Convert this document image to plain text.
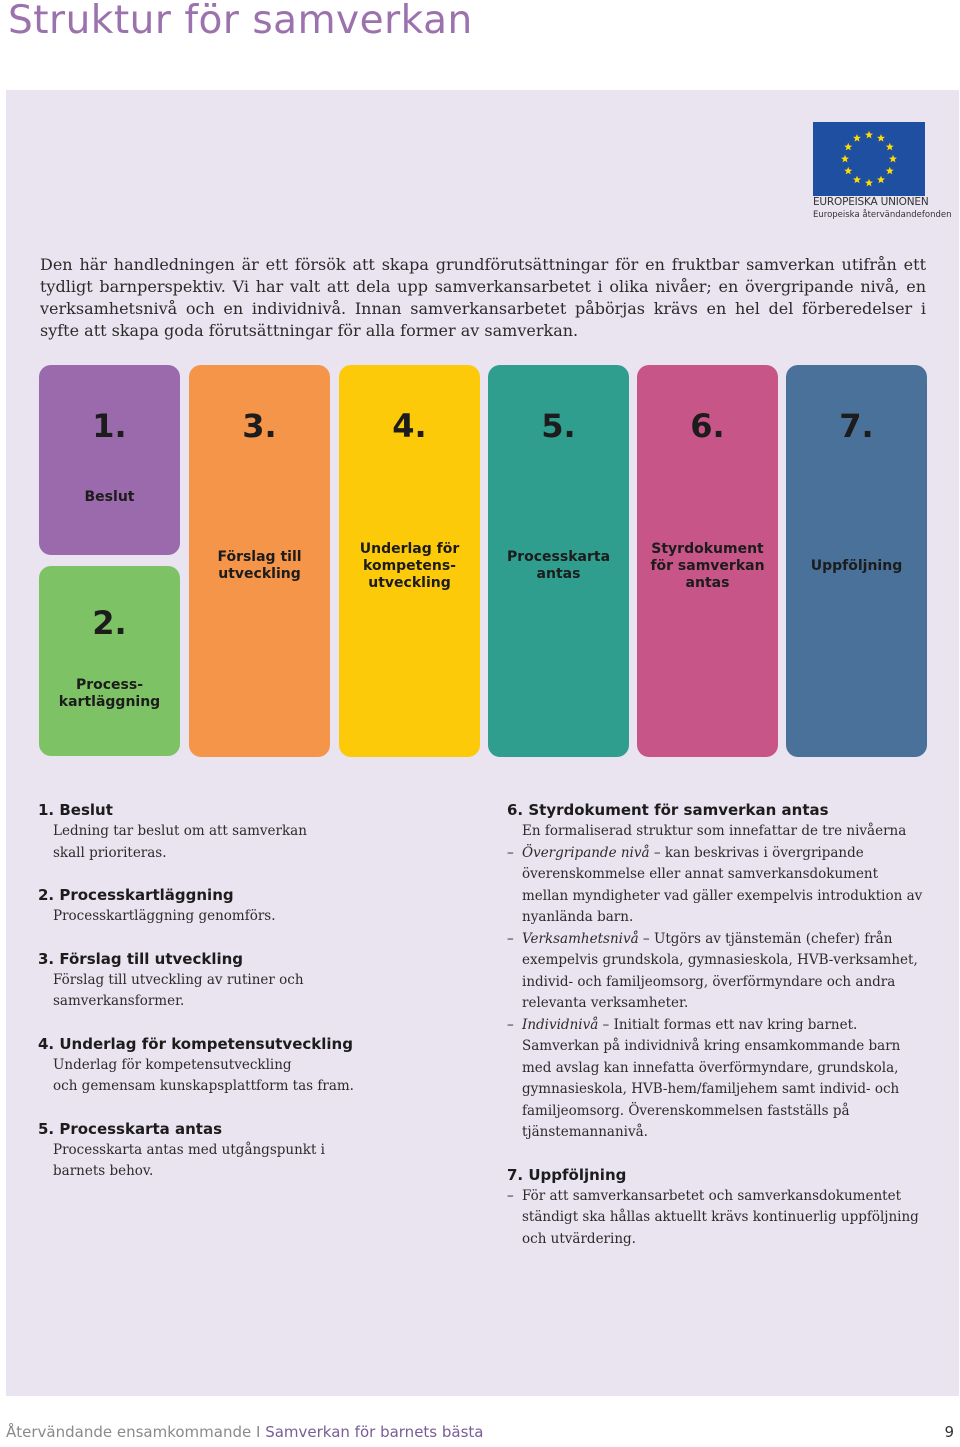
Struktur för samverkan
EUROPEISKA UNIONEN
Europeiska återvändandefonden

Den här handledningen är ett försök att skapa grundförutsättningar för en fruktbar samverkan utifrån ett tydligt barnperspektiv. Vi har valt att dela upp samverkansarbetet i olika nivåer; en övergripande nivå, en verksamhetsnivå och en individnivå. Innan samverkansarbetet påbörjas krävs en hel del förberedelser i syfte att skapa goda förutsättningar för alla former av samverkan.

1.
Beslut
2.
Process-
kartläggning
3.
Förslag till
utveckling
4.
Underlag för
kompetens-
utveckling
5.
Processkarta
antas
6.
Styrdokument
för samverkan
antas
7.
Uppföljning
1. Beslut
Ledning tar beslut om att samverkan
skall prioriteras.
2. Processkartläggning
Processkartläggning genomförs.
3. Förslag till utveckling
Förslag till utveckling av rutiner och
samverkansformer.
4. Underlag för kompetensutveckling
Underlag för kompetensutveckling
och gemensam kunskapsplattform tas fram.
5. Processkarta antas
Processkarta antas med utgångspunkt i
barnets behov.
6. Styrdokument för samverkan antas
En formaliserad struktur som innefattar de tre nivåerna
– Övergripande nivå – kan beskrivas i övergripande överenskommelse eller annat samverkansdokument mellan myndigheter vad gäller exempelvis introduktion av nyanlända barn.
– Verksamhetsnivå – Utgörs av tjänstemän (chefer) från exempelvis grundskola, gymnasieskola, HVB-verksamhet, individ- och familjeomsorg, överförmyndare och andra relevanta verksamheter.
– Individnivå – Initialt formas ett nav kring barnet. Samverkan på individnivå kring ensamkommande barn med avslag kan innefatta överförmyndare, grundskola, gymnasieskola, HVB-hem/familjehem samt individ- och familjeomsorg. Överenskommelsen fastställs på tjänstemannanivå.
7. Uppföljning
– För att samverkansarbetet och samverkansdokumentet ständigt ska hållas aktuellt krävs kontinuerlig uppföljning och utvärdering.
Återvändande ensamkommande I Samverkan för barnets bästa	9
